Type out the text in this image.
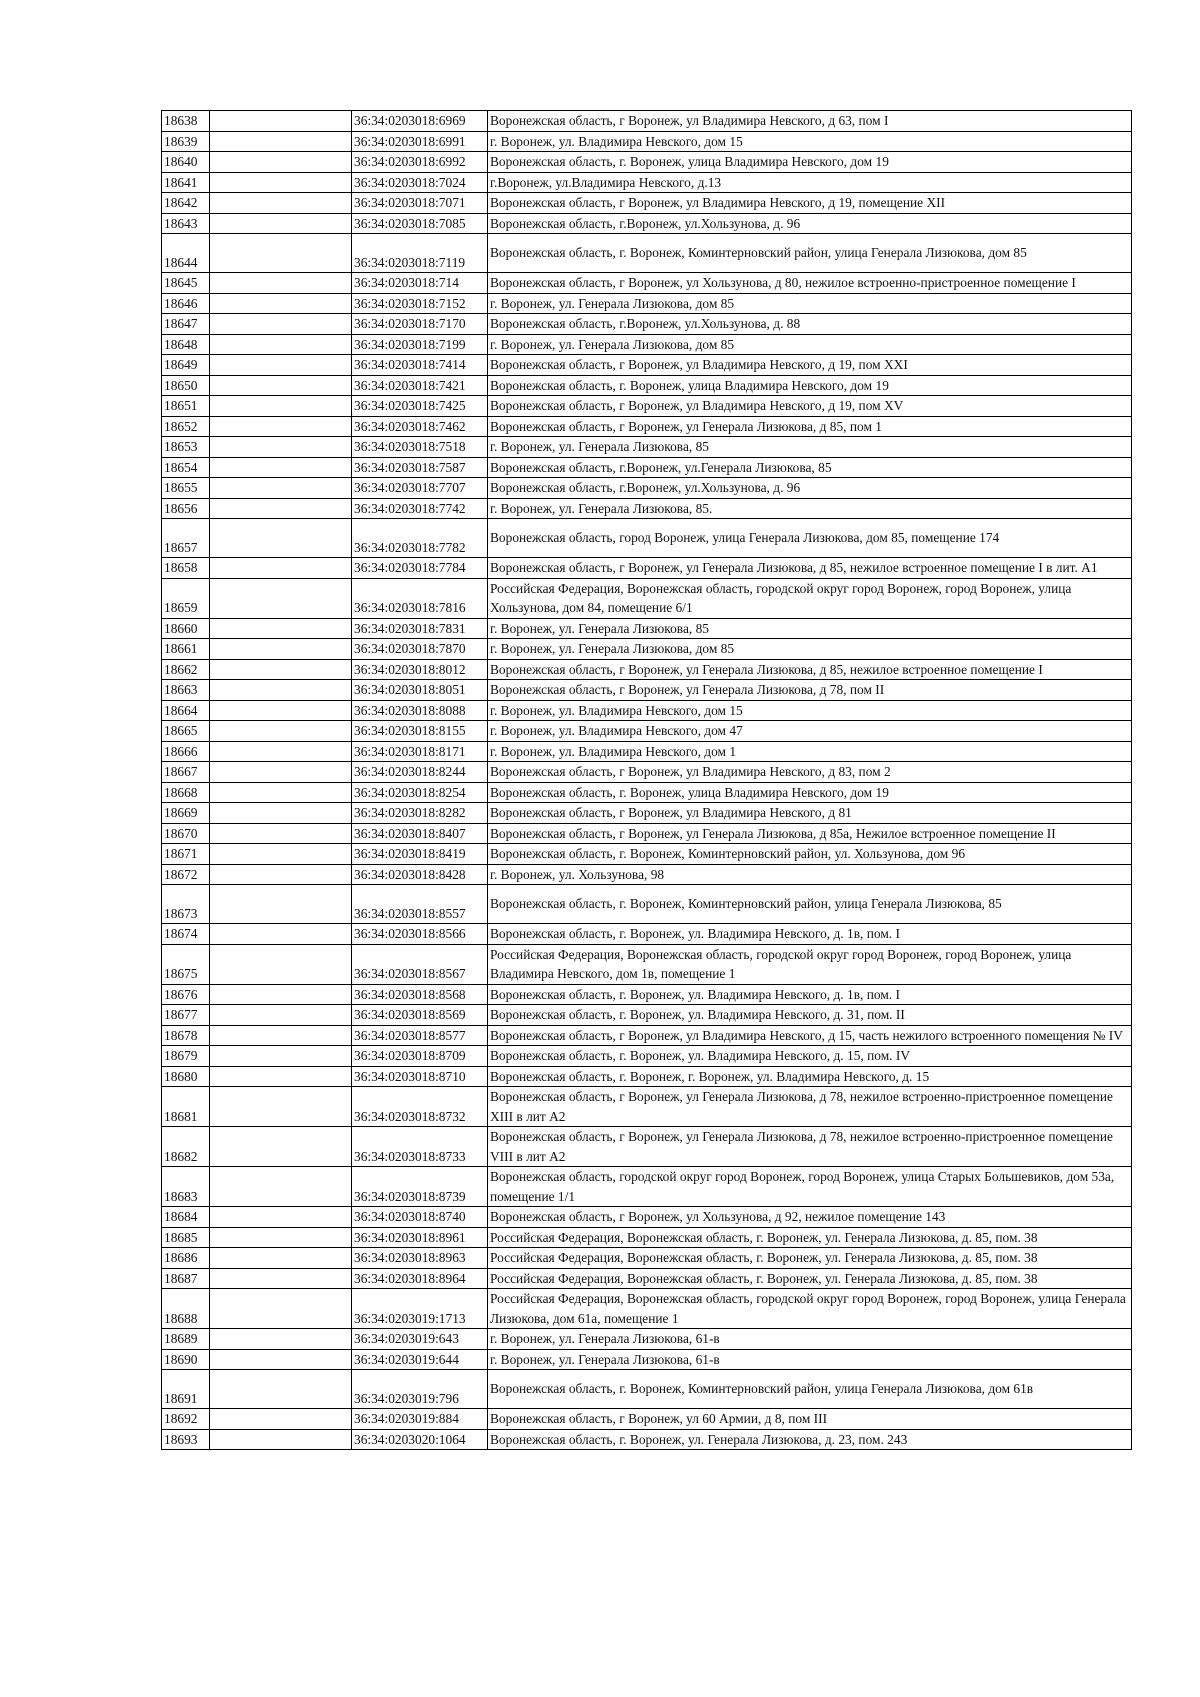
18638		36:34:0203018:6969	Воронежская область, г Воронеж, ул Владимира Невского, д 63, пом I
18639		36:34:0203018:6991	г. Воронеж, ул. Владимира Невского, дом 15
18640		36:34:0203018:6992	Воронежская область, г. Воронеж, улица Владимира Невского, дом 19
18641		36:34:0203018:7024	г.Воронеж, ул.Владимира Невского, д.13
18642		36:34:0203018:7071	Воронежская область, г Воронеж, ул Владимира Невского, д 19, помещение XII
18643		36:34:0203018:7085	Воронежская область, г.Воронеж, ул.Хользунова, д. 96
18644		36:34:0203018:7119	Воронежская область, г. Воронеж, Коминтерновский район, улица Генерала Лизюкова, дом 85
18645		36:34:0203018:714	Воронежская область, г Воронеж, ул Хользунова, д 80, нежилое встроенно-пристроенное помещение I
18646		36:34:0203018:7152	г. Воронеж, ул. Генерала Лизюкова, дом 85
18647		36:34:0203018:7170	Воронежская область, г.Воронеж, ул.Хользунова, д. 88
18648		36:34:0203018:7199	г. Воронеж, ул. Генерала Лизюкова, дом 85
18649		36:34:0203018:7414	Воронежская область, г Воронеж, ул Владимира Невского, д 19, пом XXI
18650		36:34:0203018:7421	Воронежская область, г. Воронеж, улица Владимира Невского, дом 19
18651		36:34:0203018:7425	Воронежская область, г Воронеж, ул Владимира Невского, д 19, пом XV
18652		36:34:0203018:7462	Воронежская область, г Воронеж, ул Генерала Лизюкова, д 85, пом 1
18653		36:34:0203018:7518	г. Воронеж, ул. Генерала Лизюкова, 85
18654		36:34:0203018:7587	Воронежская область, г.Воронеж, ул.Генерала Лизюкова, 85
18655		36:34:0203018:7707	Воронежская область, г.Воронеж, ул.Хользунова, д. 96
18656		36:34:0203018:7742	г. Воронеж, ул. Генерала Лизюкова, 85.
18657		36:34:0203018:7782	Воронежская область, город Воронеж, улица Генерала Лизюкова, дом 85, помещение 174
18658		36:34:0203018:7784	Воронежская область, г Воронеж, ул Генерала Лизюкова, д 85, нежилое встроенное помещение I в лит. А1
18659		36:34:0203018:7816	Российская Федерация, Воронежская область, городской округ город Воронеж, город Воронеж, улица Хользунова, дом 84, помещение 6/1
18660		36:34:0203018:7831	г. Воронеж, ул. Генерала Лизюкова, 85
18661		36:34:0203018:7870	г. Воронеж, ул. Генерала Лизюкова, дом 85
18662		36:34:0203018:8012	Воронежская область, г Воронеж, ул Генерала Лизюкова, д 85, нежилое встроенное помещение I
18663		36:34:0203018:8051	Воронежская область, г Воронеж, ул Генерала Лизюкова, д 78, пом II
18664		36:34:0203018:8088	г. Воронеж, ул. Владимира Невского, дом 15
18665		36:34:0203018:8155	г. Воронеж, ул. Владимира Невского, дом 47
18666		36:34:0203018:8171	г. Воронеж, ул. Владимира Невского, дом 1
18667		36:34:0203018:8244	Воронежская область, г Воронеж, ул Владимира Невского, д 83, пом 2
18668		36:34:0203018:8254	Воронежская область, г. Воронеж, улица Владимира Невского, дом 19
18669		36:34:0203018:8282	Воронежская область, г Воронеж, ул Владимира Невского, д 81
18670		36:34:0203018:8407	Воронежская область, г Воронеж, ул Генерала Лизюкова, д 85а, Нежилое встроенное помещение II
18671		36:34:0203018:8419	Воронежская область, г. Воронеж, Коминтерновский район, ул. Хользунова, дом 96
18672		36:34:0203018:8428	г. Воронеж, ул. Хользунова, 98
18673		36:34:0203018:8557	Воронежская область, г. Воронеж, Коминтерновский район, улица Генерала Лизюкова, 85
18674		36:34:0203018:8566	Воронежская область, г. Воронеж, ул. Владимира Невского, д. 1в, пом. I
18675		36:34:0203018:8567	Российская Федерация, Воронежская область, городской округ город Воронеж, город Воронеж, улица Владимира Невского, дом 1в, помещение 1
18676		36:34:0203018:8568	Воронежская область, г. Воронеж, ул. Владимира Невского, д. 1в, пом. I
18677		36:34:0203018:8569	Воронежская область, г. Воронеж, ул. Владимира Невского, д. 31, пом. II
18678		36:34:0203018:8577	Воронежская область, г Воронеж, ул Владимира Невского, д 15, часть нежилого встроенного помещения № IV
18679		36:34:0203018:8709	Воронежская область, г. Воронеж, ул. Владимира Невского, д. 15, пом. IV
18680		36:34:0203018:8710	Воронежская область, г. Воронеж, г. Воронеж, ул. Владимира Невского, д. 15
18681		36:34:0203018:8732	Воронежская область, г Воронеж, ул Генерала Лизюкова, д 78, нежилое встроенно-пристроенное помещение XIII в лит А2
18682		36:34:0203018:8733	Воронежская область, г Воронеж, ул Генерала Лизюкова, д 78, нежилое встроенно-пристроенное помещение VIII в лит А2
18683		36:34:0203018:8739	Воронежская область, городской округ город Воронеж, город Воронеж, улица Старых Большевиков, дом 53а, помещение 1/1
18684		36:34:0203018:8740	Воронежская область, г Воронеж, ул Хользунова, д 92, нежилое помещение 143
18685		36:34:0203018:8961	Российская Федерация, Воронежская область, г. Воронеж, ул. Генерала Лизюкова, д. 85, пом. 38
18686		36:34:0203018:8963	Российская Федерация, Воронежская область, г. Воронеж, ул. Генерала Лизюкова, д. 85, пом. 38
18687		36:34:0203018:8964	Российская Федерация, Воронежская область, г. Воронеж, ул. Генерала Лизюкова, д. 85, пом. 38
18688		36:34:0203019:1713	Российская Федерация, Воронежская область, городской округ город Воронеж, город Воронеж, улица Генерала Лизюкова, дом 61а, помещение 1
18689		36:34:0203019:643	г. Воронеж, ул. Генерала Лизюкова, 61-в
18690		36:34:0203019:644	г. Воронеж, ул. Генерала Лизюкова, 61-в
18691		36:34:0203019:796	Воронежская область, г. Воронеж, Коминтерновский район, улица Генерала Лизюкова, дом 61в
18692		36:34:0203019:884	Воронежская область, г Воронеж, ул 60 Армии, д 8, пом III
18693		36:34:0203020:1064	Воронежская область, г. Воронеж, ул. Генерала Лизюкова, д. 23, пом. 243
